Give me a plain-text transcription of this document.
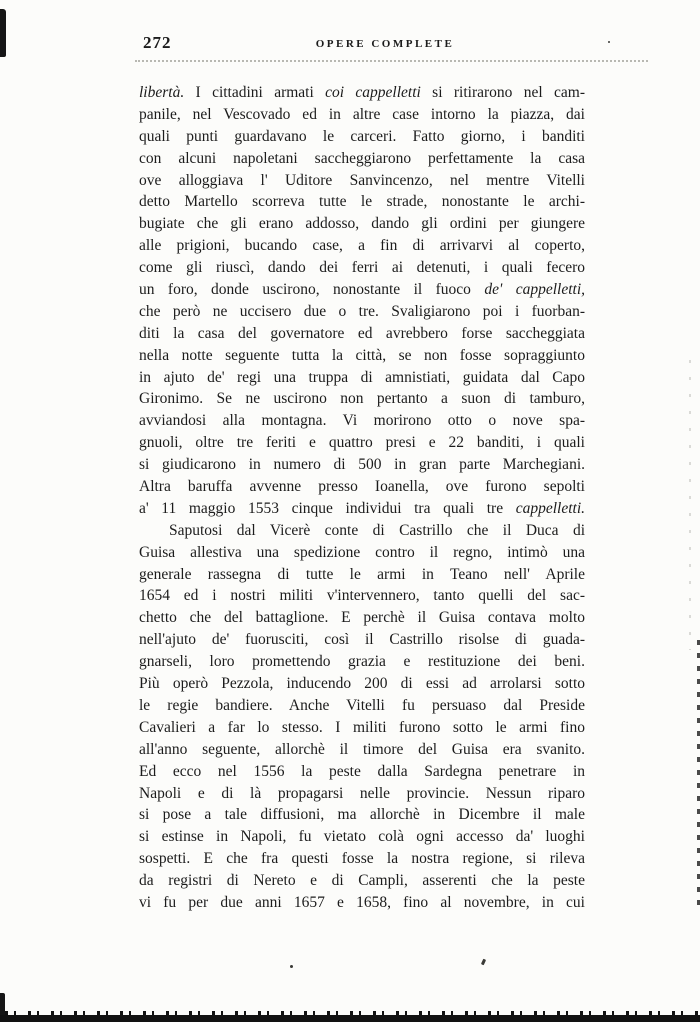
272	OPERE COMPLETE
libertà. I cittadini armati coi cappelletti si ritirarono nel cam-
panile, nel Vescovado ed in altre case intorno la piazza, dai
quali punti guardavano le carceri. Fatto giorno, i banditi
con alcuni napoletani saccheggiarono perfettamente la casa
ove alloggiava l' Uditore Sanvincenzo, nel mentre Vitelli
detto Martello scorreva tutte le strade, nonostante le archi-
bugiate che gli erano addosso, dando gli ordini per giungere
alle prigioni, bucando case, a fin di arrivarvi al coperto,
come gli riuscì, dando dei ferri ai detenuti, i quali fecero
un foro, donde uscirono, nonostante il fuoco de' cappelletti,
che però ne uccisero due o tre. Svaligiarono poi i fuorban-
diti la casa del governatore ed avrebbero forse saccheggiata
nella notte seguente tutta la città, se non fosse sopraggiunto
in ajuto de' regi una truppa di amnistiati, guidata dal Capo
Gironimo. Se ne uscirono non pertanto a suon di tamburo,
avviandosi alla montagna. Vi morirono otto o nove spa-
gnuoli, oltre tre feriti e quattro presi e 22 banditi, i quali
si giudicarono in numero di 500 in gran parte Marchegiani.
Altra baruffa avvenne presso Ioanella, ove furono sepolti
a' 11 maggio 1553 cinque individui tra quali tre cappelletti.
Saputosi dal Vicerè conte di Castrillo che il Duca di
Guisa allestiva una spedizione contro il regno, intimò una
generale rassegna di tutte le armi in Teano nell' Aprile
1654 ed i nostri militi v'intervennero, tanto quelli del sac-
chetto che del battaglione. E perchè il Guisa contava molto
nell'ajuto de' fuorusciti, così il Castrillo risolse di guada-
gnarseli, loro promettendo grazia e restituzione dei beni.
Più operò Pezzola, inducendo 200 di essi ad arrolarsi sotto
le regie bandiere. Anche Vitelli fu persuaso dal Preside
Cavalieri a far lo stesso. I militi furono sotto le armi fino
all'anno seguente, allorchè il timore del Guisa era svanito.
Ed ecco nel 1556 la peste dalla Sardegna penetrare in
Napoli e di là propagarsi nelle provincie. Nessun riparo
si pose a tale diffusioni, ma allorchè in Dicembre il male
si estinse in Napoli, fu vietato colà ogni accesso da' luoghi
sospetti. E che fra questi fosse la nostra regione, si rileva
da registri di Nereto e di Campli, asserenti che la peste
vi fu per due anni 1657 e 1658, fino al novembre, in cui
